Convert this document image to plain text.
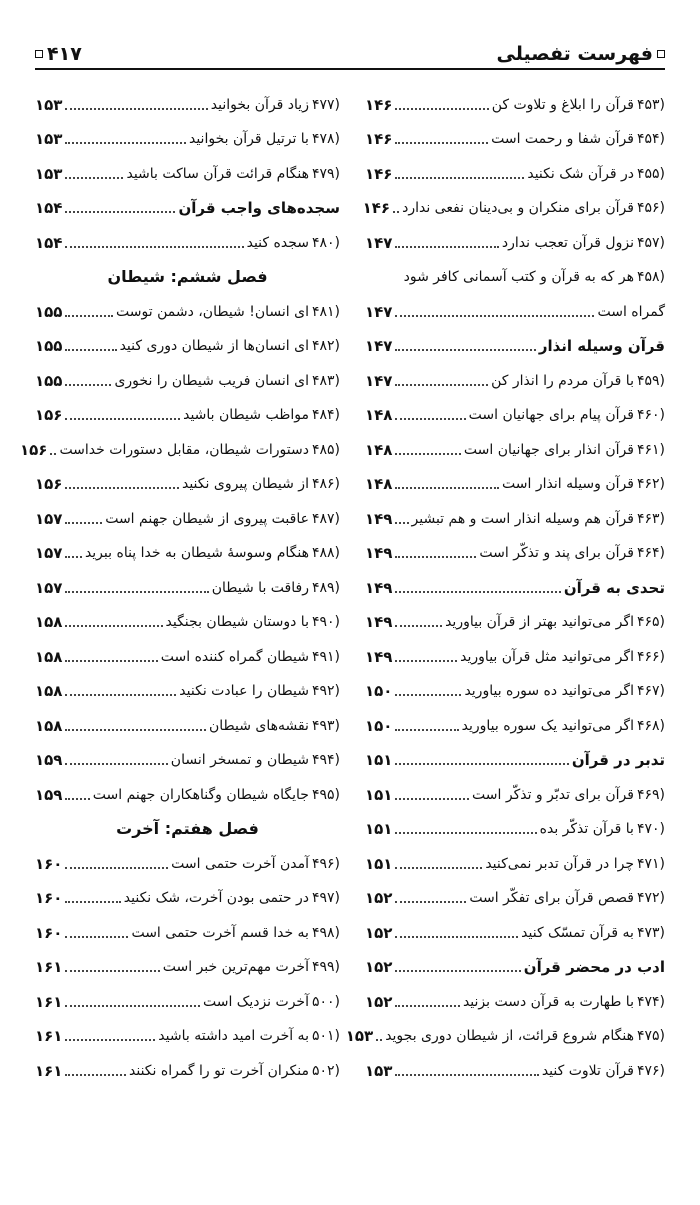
فهرست تفصیلی
۴۱۷
(۴۵۳
قرآن را ابلاغ و تلاوت کن
۱۴۶
(۴۵۴
قرآن شفا و رحمت است
۱۴۶
(۴۵۵
در قرآن شک نکنید
۱۴۶
(۴۵۶
قرآن برای منکران و بی‌دینان نفعی ندارد
۱۴۶
(۴۵۷
نزول قرآن تعجب ندارد
۱۴۷
(۴۵۸
هر که به قرآن و کتب آسمانی کافر شود
گمراه است
۱۴۷
قرآن وسیله انذار
۱۴۷
(۴۵۹
با قرآن مردم را انذار کن
۱۴۷
(۴۶۰
قرآن پیام برای جهانیان است
۱۴۸
(۴۶۱
قرآن انذار برای جهانیان است
۱۴۸
(۴۶۲
قرآن وسیله انذار است
۱۴۸
(۴۶۳
قرآن هم وسیله انذار است و هم تبشیر
۱۴۹
(۴۶۴
قرآن برای پند و تذکّر است
۱۴۹
تحدی به قرآن
۱۴۹
(۴۶۵
اگر می‌توانید بهتر از قرآن بیاورید
۱۴۹
(۴۶۶
اگر می‌توانید مثل قرآن بیاورید
۱۴۹
(۴۶۷
اگر می‌توانید ده سوره بیاورید
۱۵۰
(۴۶۸
اگر می‌توانید یک سوره بیاورید
۱۵۰
تدبر در قرآن
۱۵۱
(۴۶۹
قرآن برای تدبّر و تذکّر است
۱۵۱
(۴۷۰
با قرآن تذکّر بده
۱۵۱
(۴۷۱
چرا در قرآن تدبر نمی‌کنید
۱۵۱
(۴۷۲
قصص قرآن برای تفکّر است
۱۵۲
(۴۷۳
به قرآن تمسّک کنید
۱۵۲
ادب در محضر قرآن
۱۵۲
(۴۷۴
با طهارت به قرآن دست بزنید
۱۵۲
(۴۷۵
هنگام شروع قرائت، از شیطان دوری بجوید
۱۵۳
(۴۷۶
قرآن تلاوت کنید
۱۵۳
(۴۷۷
زیاد قرآن بخوانید
۱۵۳
(۴۷۸
با ترتیل قرآن بخوانید
۱۵۳
(۴۷۹
هنگام قرائت قرآن ساکت باشید
۱۵۳
سجده‌های واجب قرآن
۱۵۴
(۴۸۰
سجده کنید
۱۵۴
فصل ششم: شیطان
(۴۸۱
ای انسان! شیطان، دشمن توست
۱۵۵
(۴۸۲
ای انسان‌ها از شیطان دوری کنید
۱۵۵
(۴۸۳
ای انسان فریب شیطان را نخوری
۱۵۵
(۴۸۴
مواظب شیطان باشید
۱۵۶
(۴۸۵
دستورات شیطان، مقابل دستورات خداست
۱۵۶
(۴۸۶
از شیطان پیروی نکنید
۱۵۶
(۴۸۷
عاقبت پیروی از شیطان جهنم است
۱۵۷
(۴۸۸
هنگام وسوسهٔ شیطان به خدا پناه ببرید
۱۵۷
(۴۸۹
رفاقت با شیطان
۱۵۷
(۴۹۰
با دوستان شیطان بجنگید
۱۵۸
(۴۹۱
شیطان گمراه کننده است
۱۵۸
(۴۹۲
شیطان را عبادت نکنید
۱۵۸
(۴۹۳
نقشه‌های شیطان
۱۵۸
(۴۹۴
شیطان و تمسخر انسان
۱۵۹
(۴۹۵
جایگاه شیطان وگناهکاران جهنم است
۱۵۹
فصل هفتم: آخرت
(۴۹۶
آمدن آخرت حتمی است
۱۶۰
(۴۹۷
در حتمی بودن آخرت، شک نکنید
۱۶۰
(۴۹۸
به خدا قسم آخرت حتمی است
۱۶۰
(۴۹۹
آخرت مهم‌ترین خبر است
۱۶۱
(۵۰۰
آخرت نزدیک است
۱۶۱
(۵۰۱
به آخرت امید داشته باشید
۱۶۱
(۵۰۲
منکران آخرت تو را گمراه نکنند
۱۶۱
